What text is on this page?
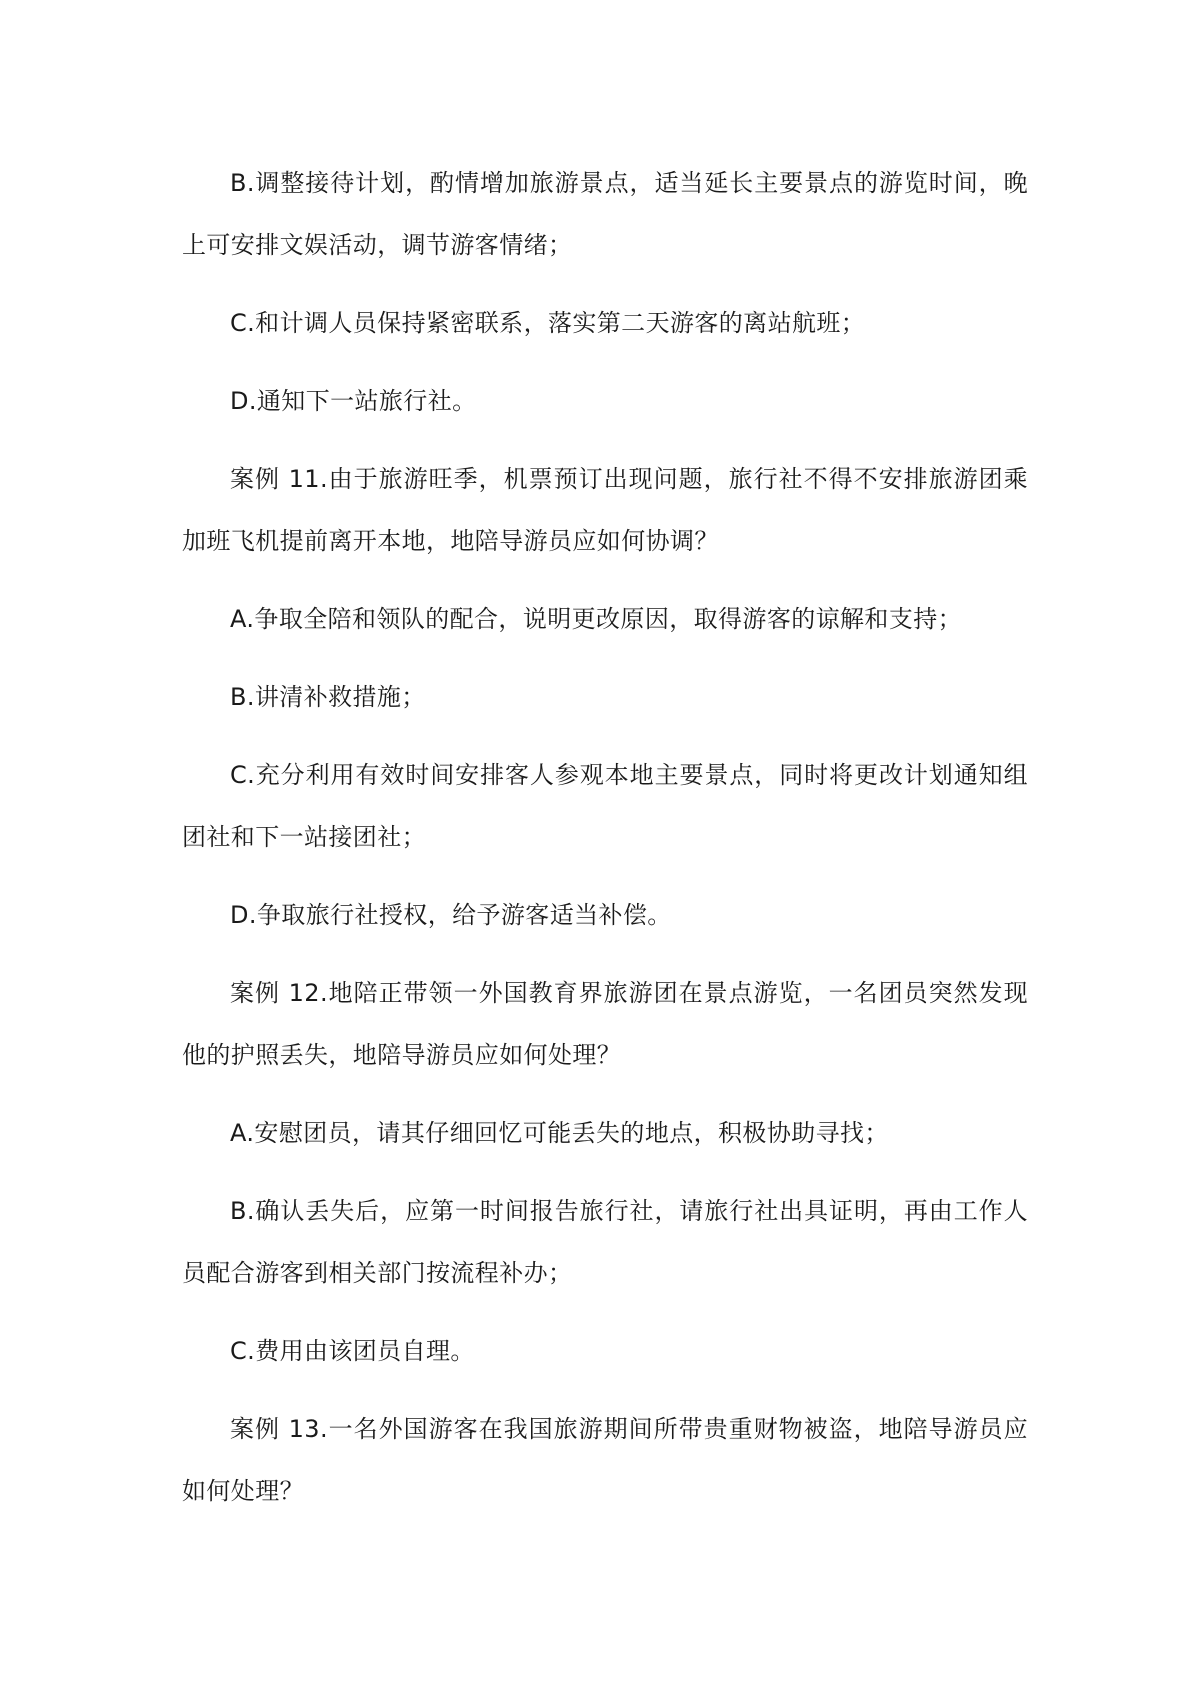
B.调整接待计划，酌情增加旅游景点，适当延长主要景点的游览时间，晚上可安排文娱活动，调节游客情绪；

C.和计调人员保持紧密联系，落实第二天游客的离站航班；

D.通知下一站旅行社。

案例 11.由于旅游旺季，机票预订出现问题，旅行社不得不安排旅游团乘加班飞机提前离开本地，地陪导游员应如何协调？

A.争取全陪和领队的配合，说明更改原因，取得游客的谅解和支持；

B.讲清补救措施；

C.充分利用有效时间安排客人参观本地主要景点，同时将更改计划通知组团社和下一站接团社；

D.争取旅行社授权，给予游客适当补偿。

案例 12.地陪正带领一外国教育界旅游团在景点游览，一名团员突然发现他的护照丢失，地陪导游员应如何处理？

A.安慰团员，请其仔细回忆可能丢失的地点，积极协助寻找；

B.确认丢失后，应第一时间报告旅行社，请旅行社出具证明，再由工作人员配合游客到相关部门按流程补办；

C.费用由该团员自理。

案例 13.一名外国游客在我国旅游期间所带贵重财物被盗，地陪导游员应如何处理？
